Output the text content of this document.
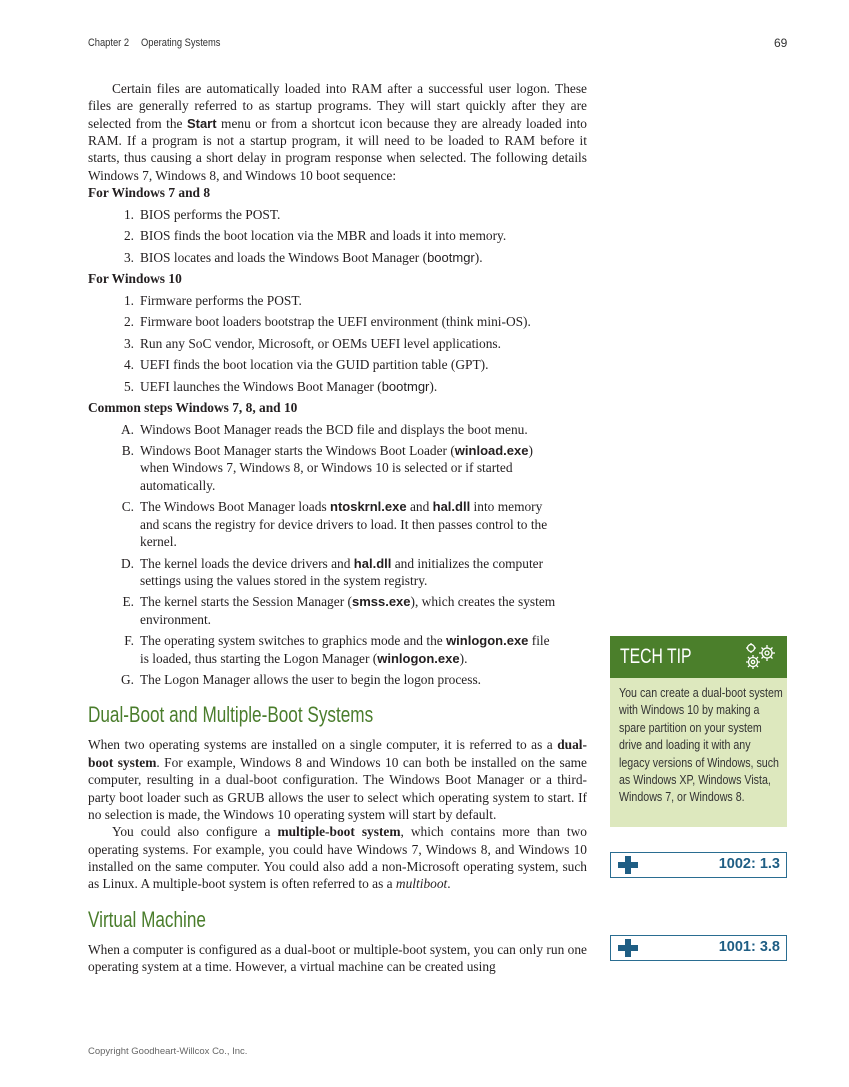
Chapter 2 Operating Systems	69

Certain files are automatically loaded into RAM after a successful user logon. These files are generally referred to as startup programs. They will start quickly after they are selected from the Start menu or from a shortcut icon because they are already loaded into RAM. If a program is not a startup program, it will need to be loaded to RAM before it starts, thus causing a short delay in program response when selected. The following details Windows 7, Windows 8, and Windows 10 boot sequence:

For Windows 7 and 8
1. BIOS performs the POST.
2. BIOS finds the boot location via the MBR and loads it into memory.
3. BIOS locates and loads the Windows Boot Manager (bootmgr).
For Windows 10
1. Firmware performs the POST.
2. Firmware boot loaders bootstrap the UEFI environment (think mini-OS).
3. Run any SoC vendor, Microsoft, or OEMs UEFI level applications.
4. UEFI finds the boot location via the GUID partition table (GPT).
5. UEFI launches the Windows Boot Manager (bootmgr).
Common steps Windows 7, 8, and 10
A. Windows Boot Manager reads the BCD file and displays the boot menu.
B. Windows Boot Manager starts the Windows Boot Loader (winload.exe) when Windows 7, Windows 8, or Windows 10 is selected or if started automatically.
C. The Windows Boot Manager loads ntoskrnl.exe and hal.dll into memory and scans the registry for device drivers to load. It then passes control to the kernel.
D. The kernel loads the device drivers and hal.dll and initializes the computer settings using the values stored in the system registry.
E. The kernel starts the Session Manager (smss.exe), which creates the system environment.
F. The operating system switches to graphics mode and the winlogon.exe file is loaded, thus starting the Logon Manager (winlogon.exe).
G. The Logon Manager allows the user to begin the logon process.
Dual-Boot and Multiple-Boot Systems

When two operating systems are installed on a single computer, it is referred to as a dual-boot system. For example, Windows 8 and Windows 10 can both be installed on the same computer, resulting in a dual-boot configuration. The Windows Boot Manager or a third-party boot loader such as GRUB allows the user to select which operating system to start. If no selection is made, the Windows 10 operating system will start by default.

You could also configure a multiple-boot system, which contains more than two operating systems. For example, you could have Windows 7, Windows 8, and Windows 10 installed on the same computer. You could also add a non-Microsoft operating system, such as Linux. A multiple-boot system is often referred to as a multiboot.

Virtual Machine

When a computer is configured as a dual-boot or multiple-boot system, you can only run one operating system at a time. However, a virtual machine can be created using

TECH TIP
You can create a dual-boot system with Windows 10 by making a spare partition on your system drive and loading it with any legacy versions of Windows, such as Windows XP, Windows Vista, Windows 7, or Windows 8.
1002: 1.3
1001: 3.8
Copyright Goodheart-Willcox Co., Inc.
